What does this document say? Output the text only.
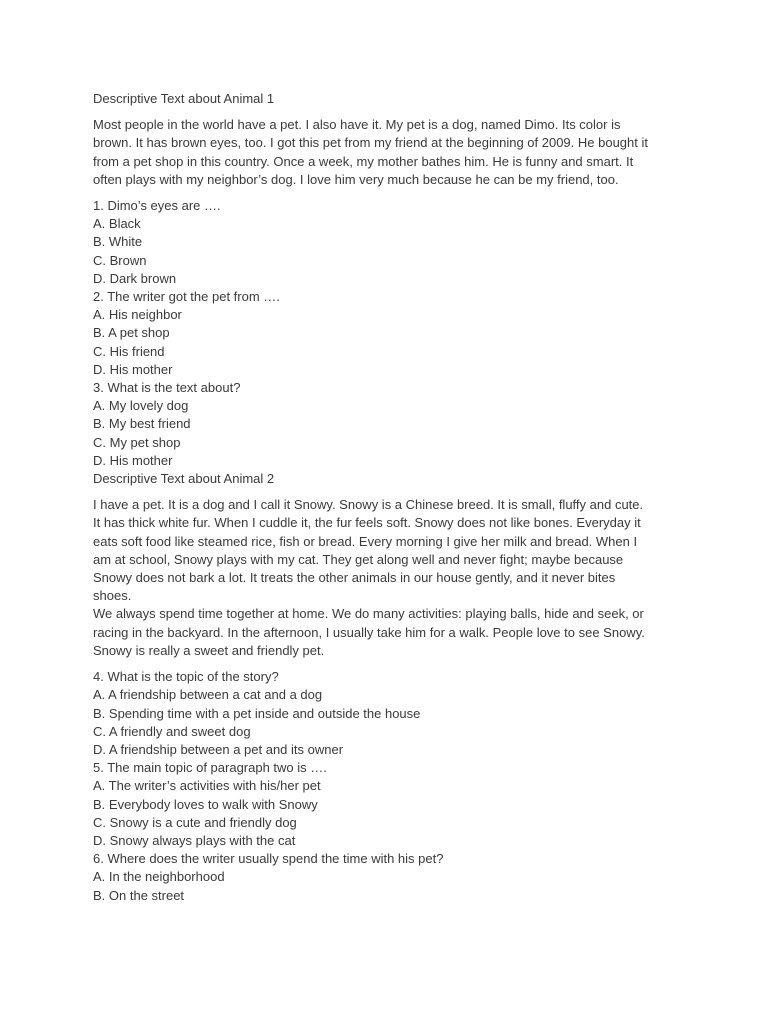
Descriptive Text about Animal 1
Most people in the world have a pet. I also have it. My pet is a dog, named Dimo. Its color is
brown. It has brown eyes, too. I got this pet from my friend at the beginning of 2009. He bought it
from a pet shop in this country. Once a week, my mother bathes him. He is funny and smart. It
often plays with my neighbor’s dog. I love him very much because he can be my friend, too.
1. Dimo’s eyes are ….
A. Black
B. White
C. Brown
D. Dark brown
2. The writer got the pet from ….
A. His neighbor
B. A pet shop
C. His friend
D. His mother
3. What is the text about?
A. My lovely dog
B. My best friend
C. My pet shop
D. His mother
Descriptive Text about Animal 2
I have a pet. It is a dog and I call it Snowy. Snowy is a Chinese breed. It is small, fluffy and cute.
It has thick white fur. When I cuddle it, the fur feels soft. Snowy does not like bones. Everyday it
eats soft food like steamed rice, fish or bread. Every morning I give her milk and bread. When I
am at school, Snowy plays with my cat. They get along well and never fight; maybe because
Snowy does not bark a lot. It treats the other animals in our house gently, and it never bites
shoes.
We always spend time together at home. We do many activities: playing balls, hide and seek, or
racing in the backyard. In the afternoon, I usually take him for a walk. People love to see Snowy.
Snowy is really a sweet and friendly pet.
4. What is the topic of the story?
A. A friendship between a cat and a dog
B. Spending time with a pet inside and outside the house
C. A friendly and sweet dog
D. A friendship between a pet and its owner
5. The main topic of paragraph two is ….
A. The writer’s activities with his/her pet
B. Everybody loves to walk with Snowy
C. Snowy is a cute and friendly dog
D. Snowy always plays with the cat
6. Where does the writer usually spend the time with his pet?
A. In the neighborhood
B. On the street
